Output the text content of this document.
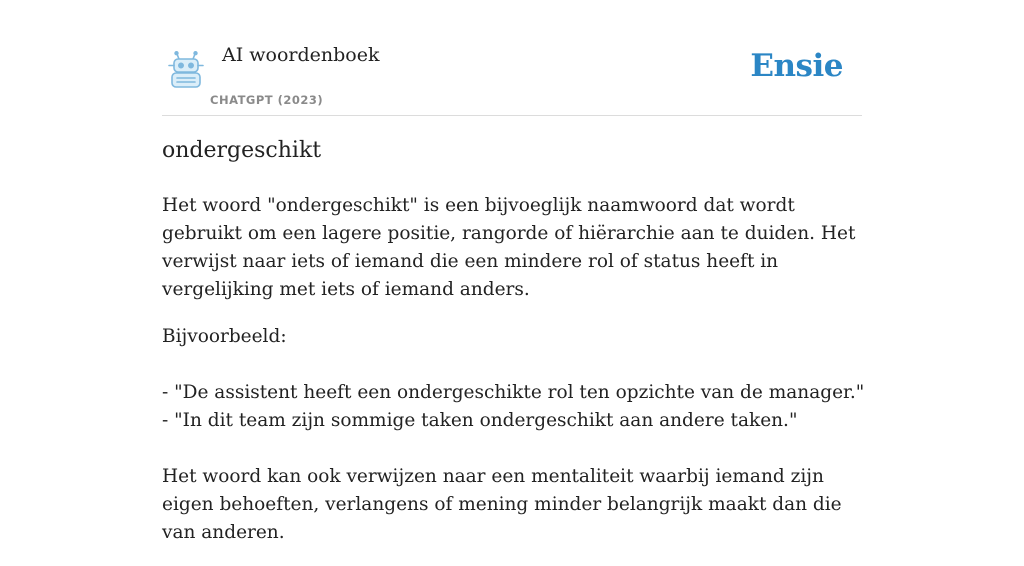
AI woordenboek
CHATGPT (2023)
Ensie
ondergeschikt

Het woord "ondergeschikt" is een bijvoeglijk naamwoord dat wordt gebruikt om een lagere positie, rangorde of hiërarchie aan te duiden. Het verwijst naar iets of iemand die een mindere rol of status heeft in vergelijking met iets of iemand anders.

Bijvoorbeeld:
- "De assistent heeft een ondergeschikte rol ten opzichte van de manager."
- "In dit team zijn sommige taken ondergeschikt aan andere taken."
Het woord kan ook verwijzen naar een mentaliteit waarbij iemand zijn eigen behoeften, verlangens of mening minder belangrijk maakt dan die van anderen.
